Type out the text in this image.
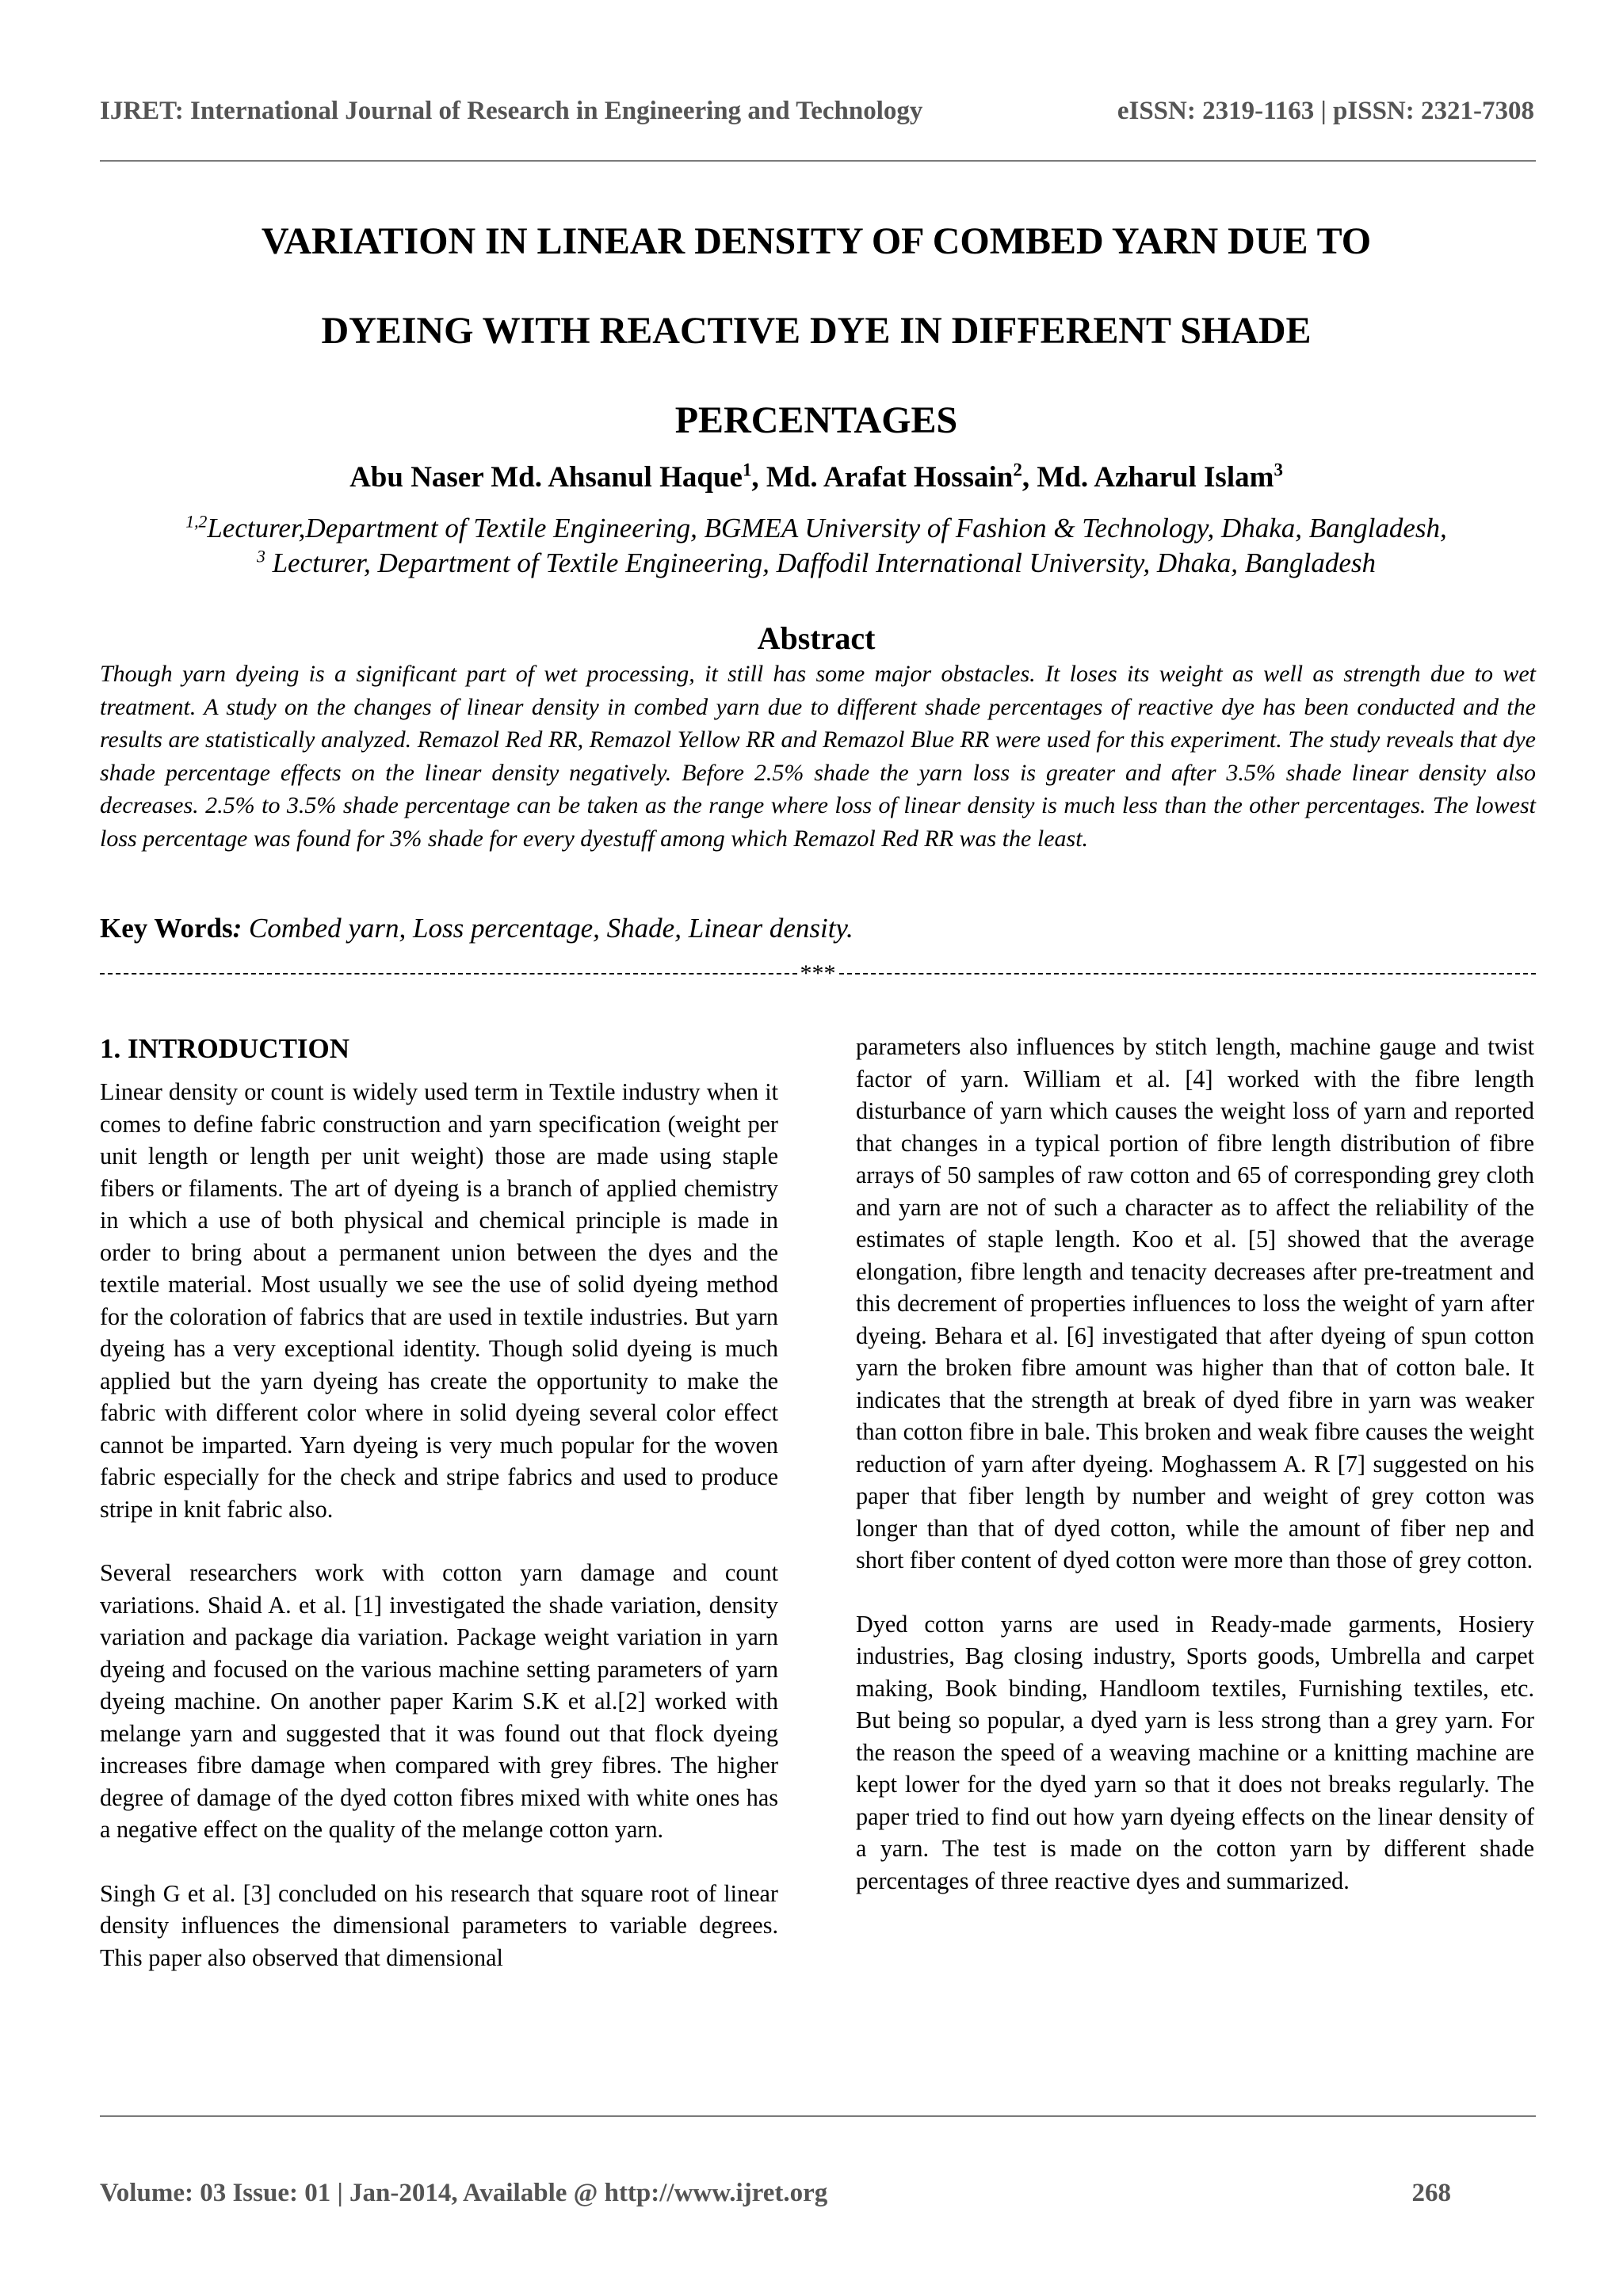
IJRET: International Journal of Research in Engineering and Technology	eISSN: 2319-1163 | pISSN: 2321-7308
VARIATION IN LINEAR DENSITY OF COMBED YARN DUE TO
DYEING WITH REACTIVE DYE IN DIFFERENT SHADE
PERCENTAGES
Abu Naser Md. Ahsanul Haque$^1$, Md. Arafat Hossain$^2$, Md. Azharul Islam$^3$

$^{1,2}$Lecturer,Department of Textile Engineering, BGMEA University of Fashion & Technology, Dhaka, Bangladesh,

$^3$ Lecturer, Department of Textile Engineering, Daffodil International University, Dhaka, Bangladesh

Abstract

Though yarn dyeing is a significant part of wet processing, it still has some major obstacles. It loses its weight as well as strength due to wet treatment. A study on the changes of linear density in combed yarn due to different shade percentages of reactive dye has been conducted and the results are statistically analyzed. Remazol Red RR, Remazol Yellow RR and Remazol Blue RR were used for this experiment. The study reveals that dye shade percentage effects on the linear density negatively. Before 2.5% shade the yarn loss is greater and after 3.5% shade linear density also decreases. 2.5% to 3.5% shade percentage can be taken as the range where loss of linear density is much less than the other percentages. The lowest loss percentage was found for 3% shade for every dyestuff among which Remazol Red RR was the least.

Key Words: Combed yarn, Loss percentage, Shade, Linear density.

***
1. INTRODUCTION

Linear density or count is widely used term in Textile industry when it comes to define fabric construction and yarn specification (weight per unit length or length per unit weight) those are made using staple fibers or filaments. The art of dyeing is a branch of applied chemistry in which a use of both physical and chemical principle is made in order to bring about a permanent union between the dyes and the textile material. Most usually we see the use of solid dyeing method for the coloration of fabrics that are used in textile industries. But yarn dyeing has a very exceptional identity. Though solid dyeing is much applied but the yarn dyeing has create the opportunity to make the fabric with different color where in solid dyeing several color effect cannot be imparted. Yarn dyeing is very much popular for the woven fabric especially for the check and stripe fabrics and used to produce stripe in knit fabric also.

Several researchers work with cotton yarn damage and count variations. Shaid A. et al. [1] investigated the shade variation, density variation and package dia variation. Package weight variation in yarn dyeing and focused on the various machine setting parameters of yarn dyeing machine. On another paper Karim S.K et al.[2] worked with melange yarn and suggested that it was found out that flock dyeing increases fibre damage when compared with grey fibres. The higher degree of damage of the dyed cotton fibres mixed with white ones has a negative effect on the quality of the melange cotton yarn.

Singh G et al. [3] concluded on his research that square root of linear density influences the dimensional parameters to variable degrees. This paper also observed that dimensional

parameters also influences by stitch length, machine gauge and twist factor of yarn. William et al. [4] worked with the fibre length disturbance of yarn which causes the weight loss of yarn and reported that changes in a typical portion of fibre length distribution of fibre arrays of 50 samples of raw cotton and 65 of corresponding grey cloth and yarn are not of such a character as to affect the reliability of the estimates of staple length. Koo et al. [5] showed that the average elongation, fibre length and tenacity decreases after pre-treatment and this decrement of properties influences to loss the weight of yarn after dyeing. Behara et al. [6] investigated that after dyeing of spun cotton yarn the broken fibre amount was higher than that of cotton bale. It indicates that the strength at break of dyed fibre in yarn was weaker than cotton fibre in bale. This broken and weak fibre causes the weight reduction of yarn after dyeing. Moghassem A. R [7] suggested on his paper that fiber length by number and weight of grey cotton was longer than that of dyed cotton, while the amount of fiber nep and short fiber content of dyed cotton were more than those of grey cotton.

Dyed cotton yarns are used in Ready-made garments, Hosiery industries, Bag closing industry, Sports goods, Umbrella and carpet making, Book binding, Handloom textiles, Furnishing textiles, etc. But being so popular, a dyed yarn is less strong than a grey yarn. For the reason the speed of a weaving machine or a knitting machine are kept lower for the dyed yarn so that it does not breaks regularly. The paper tried to find out how yarn dyeing effects on the linear density of a yarn. The test is made on the cotton yarn by different shade percentages of three reactive dyes and summarized.

Volume: 03 Issue: 01 | Jan-2014, Available @ http://www.ijret.org	268
